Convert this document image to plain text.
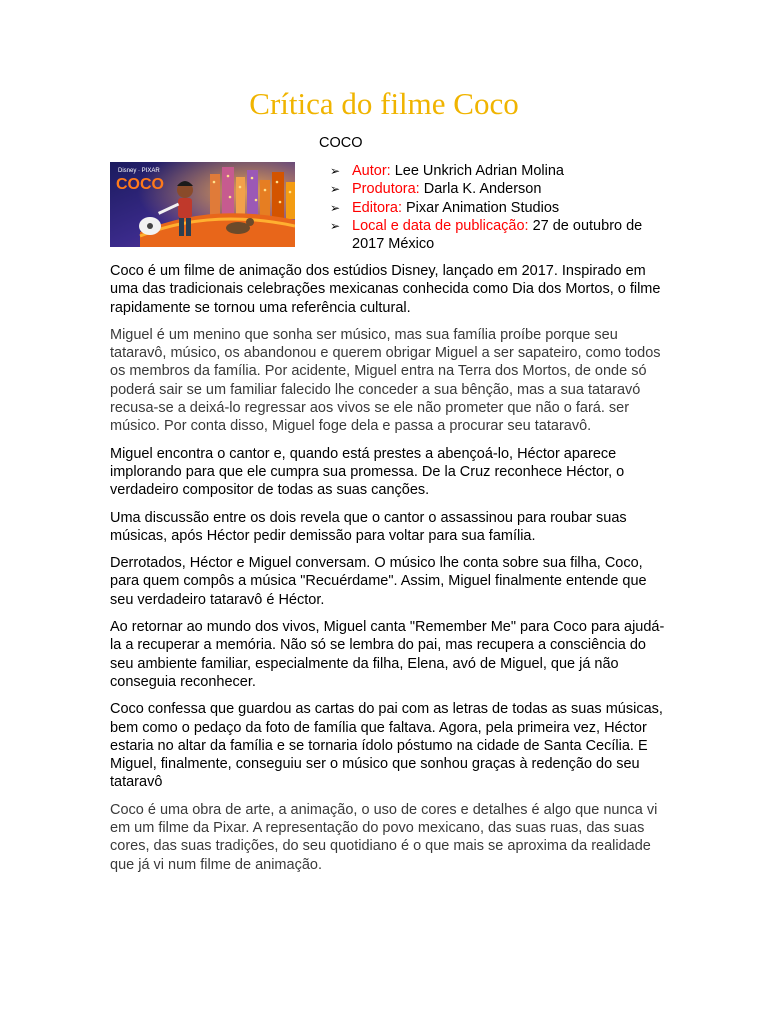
Crítica do filme Coco
COCO
Disney · PIXAR
COCO
➢ Autor: Lee Unkrich Adrian Molina
➢ Produtora: Darla K. Anderson
➢ Editora: Pixar Animation Studios
➢ Local e data de publicação: 27 de outubro de 2017 México

Coco é um filme de animação dos estúdios Disney, lançado em 2017. Inspirado em uma das tradicionais celebrações mexicanas conhecida como Dia dos Mortos, o filme rapidamente se tornou uma referência cultural.

Miguel é um menino que sonha ser músico, mas sua família proíbe porque seu tataravô, músico, os abandonou e querem obrigar Miguel a ser sapateiro, como todos os membros da família. Por acidente, Miguel entra na Terra dos Mortos, de onde só poderá sair se um familiar falecido lhe conceder a sua bênção, mas a sua tataravó recusa-se a deixá-lo regressar aos vivos se ele não prometer que não o fará. ser músico. Por conta disso, Miguel foge dela e passa a procurar seu tataravô.

Miguel encontra o cantor e, quando está prestes a abençoá-lo, Héctor aparece implorando para que ele cumpra sua promessa. De la Cruz reconhece Héctor, o verdadeiro compositor de todas as suas canções.

Uma discussão entre os dois revela que o cantor o assassinou para roubar suas músicas, após Héctor pedir demissão para voltar para sua família.

Derrotados, Héctor e Miguel conversam. O músico lhe conta sobre sua filha, Coco, para quem compôs a música "Recuérdame". Assim, Miguel finalmente entende que seu verdadeiro tataravô é Héctor.

Ao retornar ao mundo dos vivos, Miguel canta "Remember Me" para Coco para ajudá-la a recuperar a memória. Não só se lembra do pai, mas recupera a consciência do seu ambiente familiar, especialmente da filha, Elena, avó de Miguel, que já não conseguia reconhecer.

Coco confessa que guardou as cartas do pai com as letras de todas as suas músicas, bem como o pedaço da foto de família que faltava. Agora, pela primeira vez, Héctor estaria no altar da família e se tornaria ídolo póstumo na cidade de Santa Cecília. E Miguel, finalmente, conseguiu ser o músico que sonhou graças à redenção do seu tataravô

Coco é uma obra de arte, a animação, o uso de cores e detalhes é algo que nunca vi em um filme da Pixar. A representação do povo mexicano, das suas ruas, das suas cores, das suas tradições, do seu quotidiano é o que mais se aproxima da realidade que já vi num filme de animação.
